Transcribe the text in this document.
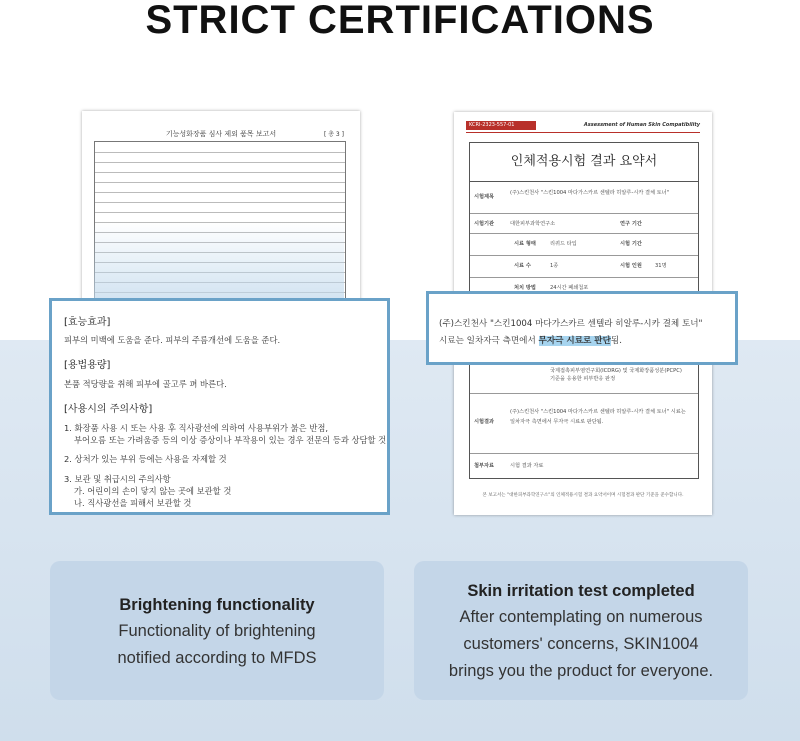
STRICT CERTIFICATIONS
기능성화장품 심사 제외 품목 보고서	[ 총 3 ]
[효능효과]
피부의 미백에 도움을 준다. 피부의 주름개선에 도움을 준다.
[용법용량]
본품 적당량을 취해 피부에 골고루 펴 바른다.
[사용시의 주의사항]
1. 화장품 사용 시 또는 사용 후 직사광선에 의하여 사용부위가 붉은 반점,
부어오름 또는 가려움증 등의 이상 증상이나 부작용이 있는 경우 전문의 등과 상담할 것
2. 상처가 있는 부위 등에는 사용을 자제할 것
3. 보관 및 취급시의 주의사항
가. 어린이의 손이 닿지 않는 곳에 보관할 것
나. 직사광선을 피해서 보관할 것
KCRI-2323-557-01	Assessment of Human Skin Compatibility
인체적용시험 결과 요약서
시험제목
(주)스킨천사 "스킨1004 마다가스카르 센텔라 히알루-시카 결체 토너"
시험기관	대한피부과학연구소	연구 기간
시료 형태	리퀴드 타입	시험 기간
시료 수	1종	시험 인원	31명
처치 방법	24시간 폐쇄첩포
국제접촉피부염연구회(ICDRG) 및 국제화장품성분(PCPC)
기준을 응용한 피부반응 판정
시험결과
(주)스킨천사 "스킨1004 마다가스카르 센텔라 히알루-시카 결체 토너" 시료는
일차자극 측면에서 무자극 시료로 판단됨.
첨부자료	시험 결과 자료
본 보고서는 "대한피부과학연구소"의 인체적용시험 결과 요약서이며 시험결과 판단 기준을 준수합니다.
(주)스킨천사 "스킨1004 마다가스카르 센텔라 히알루-시카 결체 토너"
시료는 일차자극 측면에서 무자극 시료로 판단됨.
Brightening functionality
Functionality of brightening
notified according to MFDS
Skin irritation test completed
After contemplating on numerous
customers' concerns, SKIN1004
brings you the product for everyone.
